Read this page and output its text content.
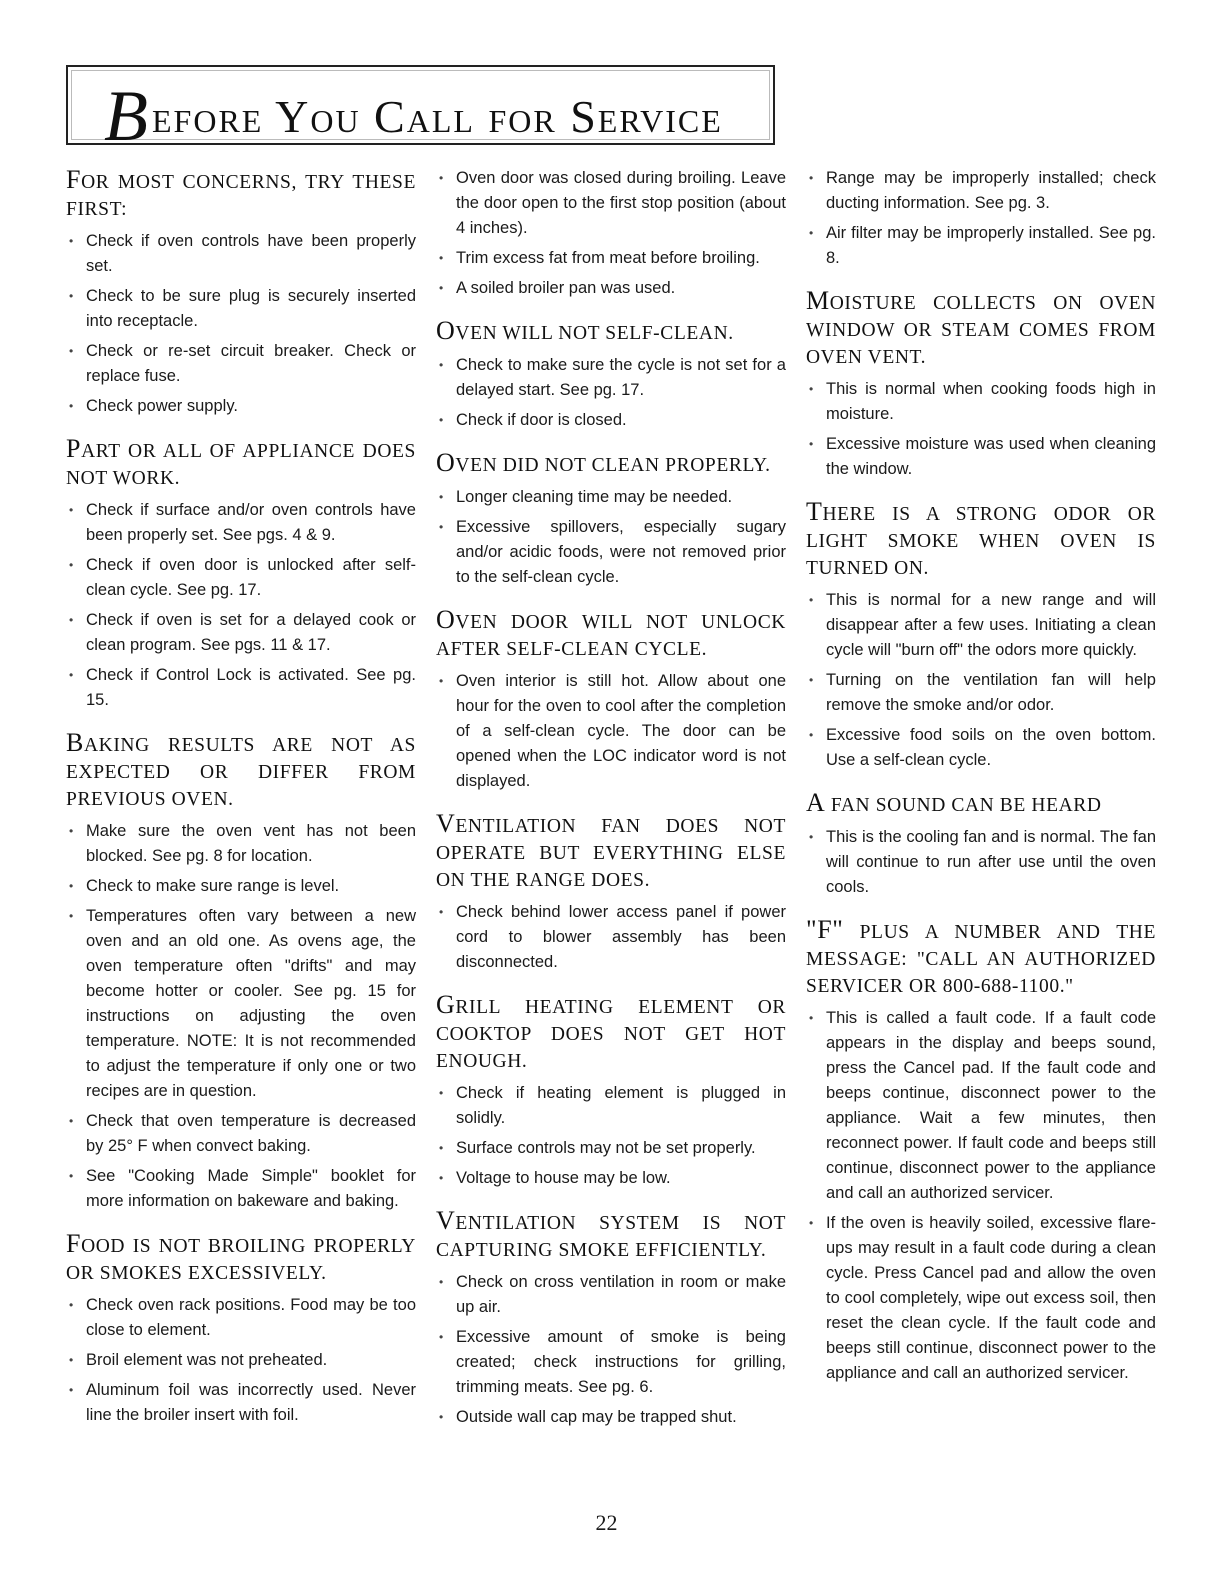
Before You Call for Service
FOR MOST CONCERNS, TRY THESE FIRST:
• Check if oven controls have been properly set.
• Check to be sure plug is securely inserted into receptacle.
• Check or re-set circuit breaker. Check or replace fuse.
• Check power supply.
PART OR ALL OF APPLIANCE DOES NOT WORK.
• Check if surface and/or oven controls have been properly set. See pgs. 4 & 9.
• Check if oven door is unlocked after self-clean cycle. See pg. 17.
• Check if oven is set for a delayed cook or clean program. See pgs. 11 & 17.
• Check if Control Lock is activated. See pg. 15.
BAKING RESULTS ARE NOT AS EXPECTED OR DIFFER FROM PREVIOUS OVEN.
• Make sure the oven vent has not been blocked. See pg. 8 for location.
• Check to make sure range is level.
• Temperatures often vary between a new oven and an old one. As ovens age, the oven temperature often "drifts" and may become hotter or cooler. See pg. 15 for instructions on adjusting the oven temperature. NOTE: It is not recommended to adjust the temperature if only one or two recipes are in question.
• Check that oven temperature is decreased by 25° F when convect baking.
• See "Cooking Made Simple" booklet for more information on bakeware and baking.
FOOD IS NOT BROILING PROPERLY OR SMOKES EXCESSIVELY.
• Check oven rack positions. Food may be too close to element.
• Broil element was not preheated.
• Aluminum foil was incorrectly used. Never line the broiler insert with foil.
• Oven door was closed during broiling. Leave the door open to the first stop position (about 4 inches).
• Trim excess fat from meat before broiling.
• A soiled broiler pan was used.
OVEN WILL NOT SELF-CLEAN.
• Check to make sure the cycle is not set for a delayed start. See pg. 17.
• Check if door is closed.
OVEN DID NOT CLEAN PROPERLY.
• Longer cleaning time may be needed.
• Excessive spillovers, especially sugary and/or acidic foods, were not removed prior to the self-clean cycle.
OVEN DOOR WILL NOT UNLOCK AFTER SELF-CLEAN CYCLE.
• Oven interior is still hot. Allow about one hour for the oven to cool after the completion of a self-clean cycle. The door can be opened when the LOC indicator word is not displayed.
VENTILATION FAN DOES NOT OPERATE BUT EVERYTHING ELSE ON THE RANGE DOES.
• Check behind lower access panel if power cord to blower assembly has been disconnected.
GRILL HEATING ELEMENT OR COOKTOP DOES NOT GET HOT ENOUGH.
• Check if heating element is plugged in solidly.
• Surface controls may not be set properly.
• Voltage to house may be low.
VENTILATION SYSTEM IS NOT CAPTURING SMOKE EFFICIENTLY.
• Check on cross ventilation in room or make up air.
• Excessive amount of smoke is being created; check instructions for grilling, trimming meats. See pg. 6.
• Outside wall cap may be trapped shut.
• Range may be improperly installed; check ducting information. See pg. 3.
• Air filter may be improperly installed. See pg. 8.
MOISTURE COLLECTS ON OVEN WINDOW OR STEAM COMES FROM OVEN VENT.
• This is normal when cooking foods high in moisture.
• Excessive moisture was used when cleaning the window.
THERE IS A STRONG ODOR OR LIGHT SMOKE WHEN OVEN IS TURNED ON.
• This is normal for a new range and will disappear after a few uses. Initiating a clean cycle will "burn off" the odors more quickly.
• Turning on the ventilation fan will help remove the smoke and/or odor.
• Excessive food soils on the oven bottom. Use a self-clean cycle.
A FAN SOUND CAN BE HEARD
• This is the cooling fan and is normal. The fan will continue to run after use until the oven cools.
"F" PLUS A NUMBER AND THE MESSAGE: "CALL AN AUTHORIZED SERVICER OR 800-688-1100."
• This is called a fault code. If a fault code appears in the display and beeps sound, press the Cancel pad. If the fault code and beeps continue, disconnect power to the appliance. Wait a few minutes, then reconnect power. If fault code and beeps still continue, disconnect power to the appliance and call an authorized servicer.
• If the oven is heavily soiled, excessive flare-ups may result in a fault code during a clean cycle. Press Cancel pad and allow the oven to cool completely, wipe out excess soil, then reset the clean cycle. If the fault code and beeps still continue, disconnect power to the appliance and call an authorized servicer.
22
